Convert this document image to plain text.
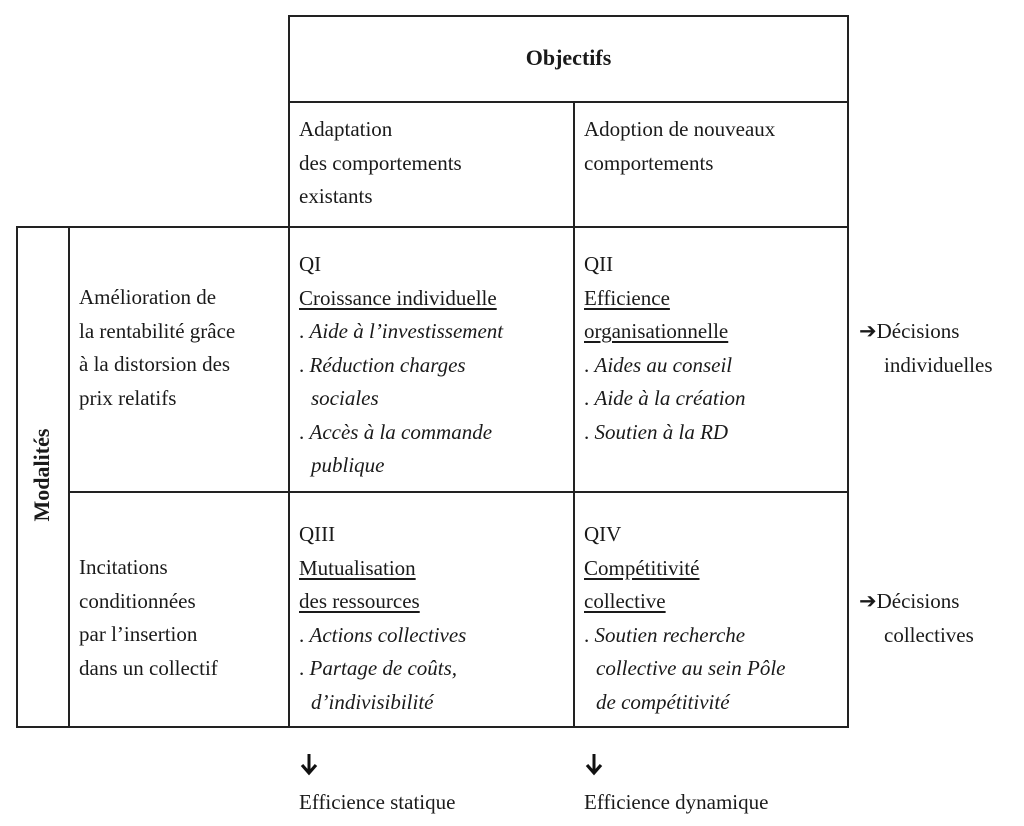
Objectifs
Adaptation
des comportements
existants
Adoption de nouveaux
comportements
Modalités
Amélioration de
la rentabilité grâce
à la distorsion des
prix relatifs
Incitations
conditionnées
par l’insertion
dans un collectif
QI
Croissance individuelle
. Aide à l’investissement
. Réduction charges
sociales
. Accès à la commande
publique
QII
Efficience
organisationnelle
. Aides au conseil
. Aide à la création
. Soutien à la RD
QIII
Mutualisation
des ressources
. Actions collectives
. Partage de coûts,
d’indivisibilité
QIV
Compétitivité
collective
. Soutien recherche
collective au sein Pôle
de compétitivité
➔Décisions
individuelles
➔Décisions
collectives
Efficience statique	Efficience dynamique
